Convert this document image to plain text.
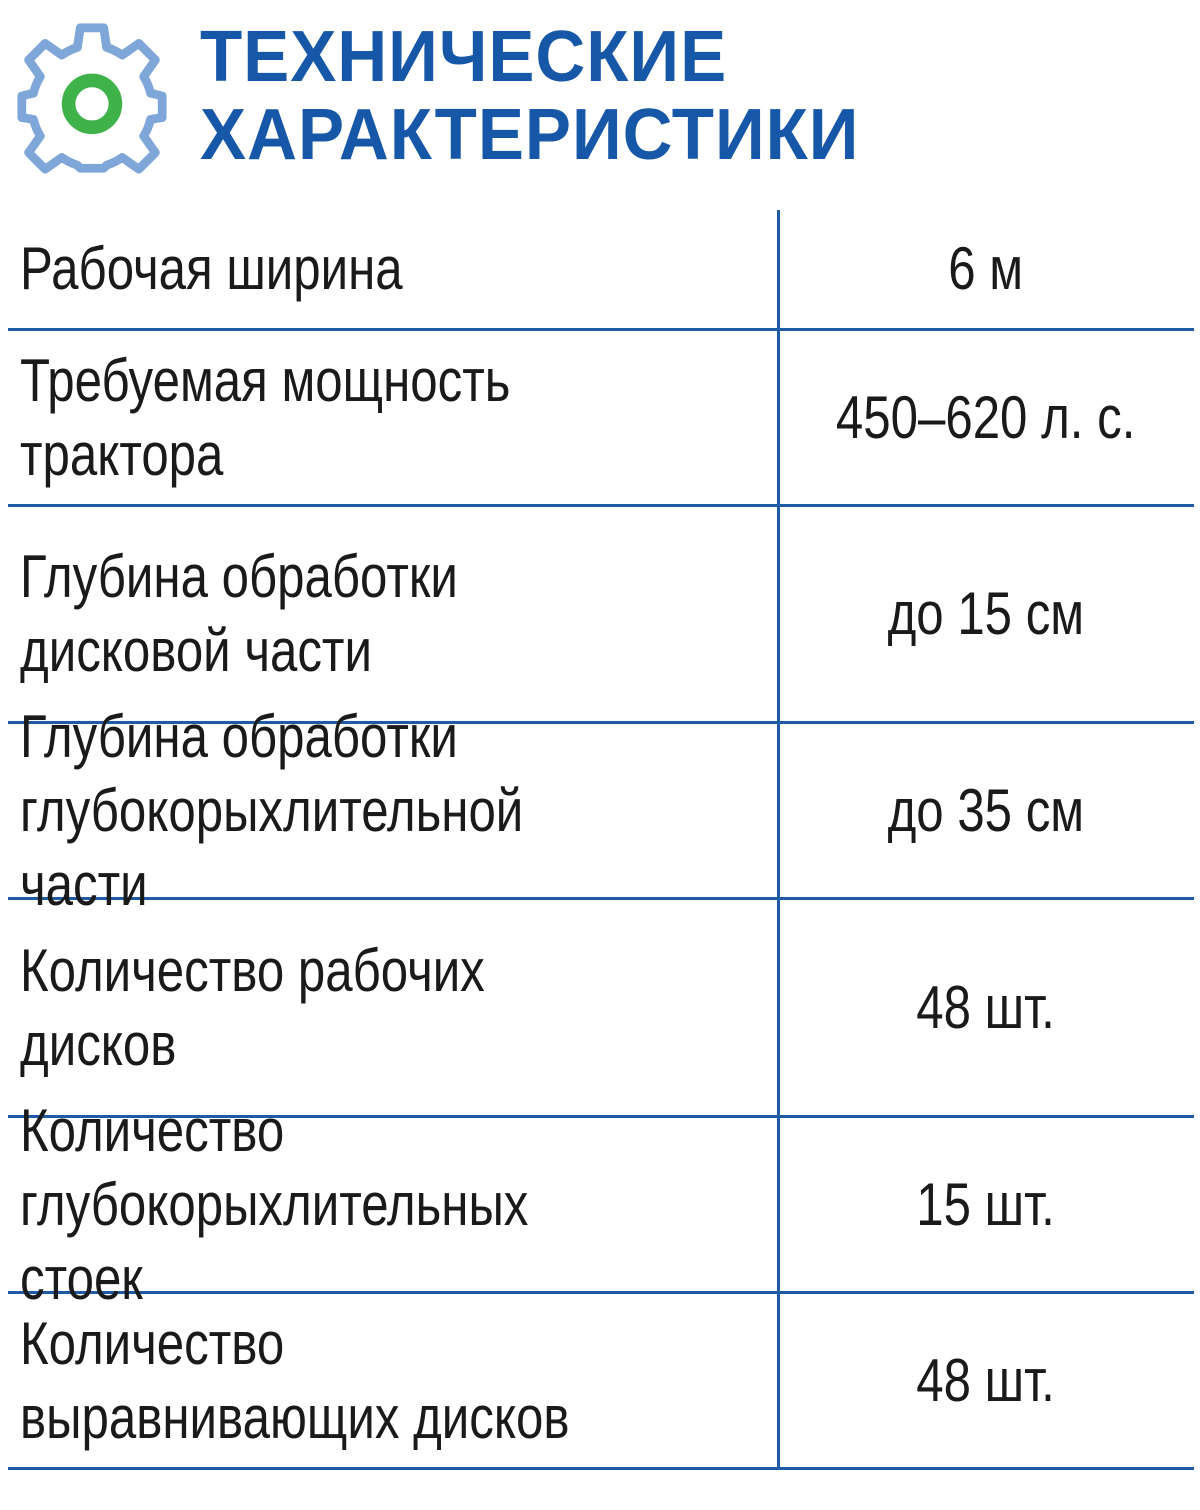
ТЕХНИЧЕСКИЕ
ХАРАКТЕРИСТИКИ
Рабочая ширина	6 м
Требуемая мощность
трактора
450–620 л. с.
Глубина обработки
дисковой части
до 15 см
Глубина обработки
глубокорыхлительной части
до 35 см
Количество рабочих дисков
48 шт.
Количество
глубокорыхлительных стоек
15 шт.
Количество
выравнивающих дисков
48 шт.
